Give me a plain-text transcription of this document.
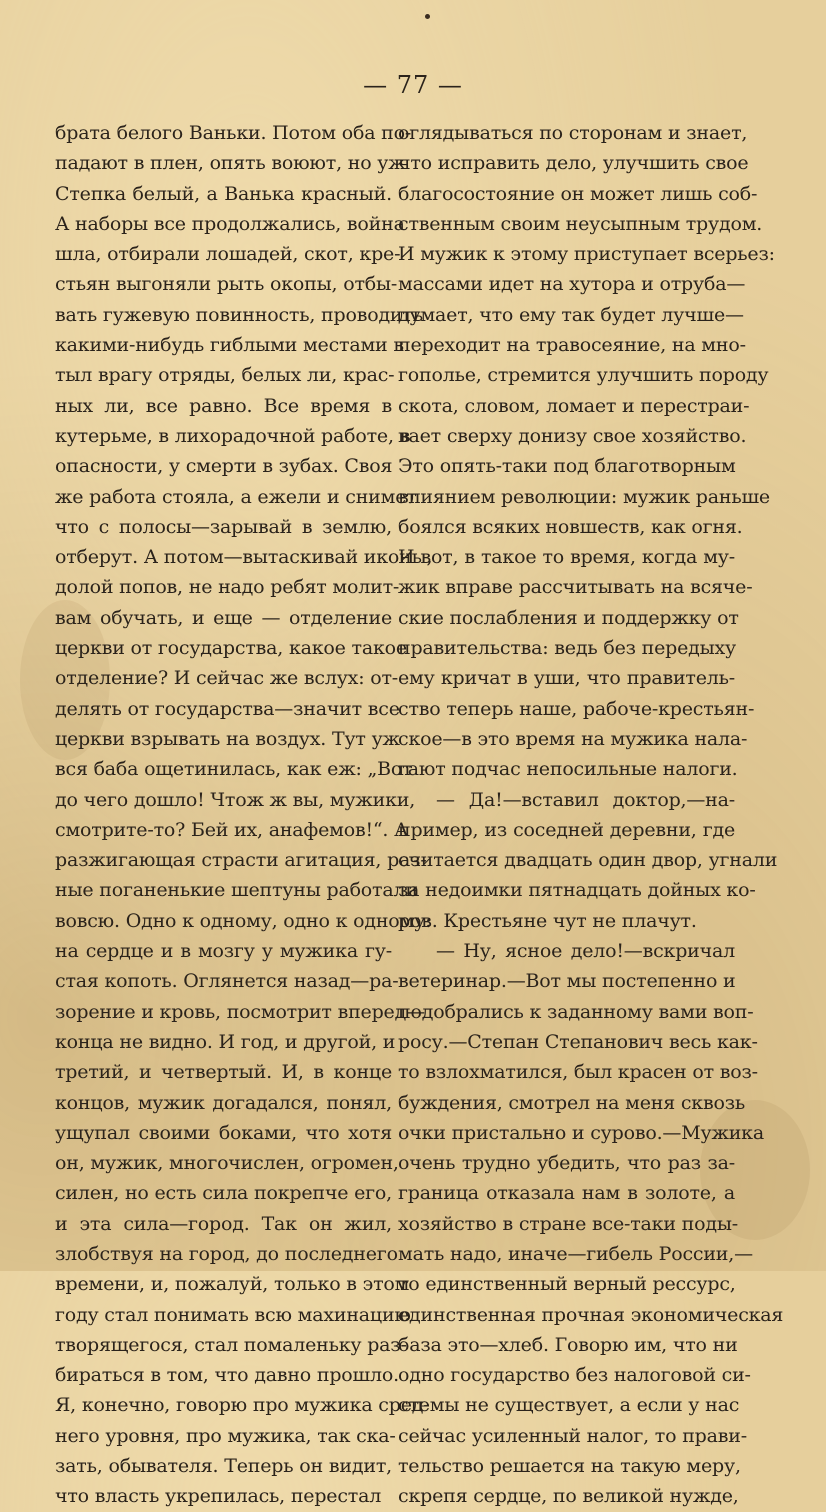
— 77 —
брата белого Ваньки. Потом оба по-
падают в плен, опять воюют, но уж
Степка белый, а Ванька красный.
А наборы все продолжались, война
шла, отбирали лошадей, скот, кре-
стьян выгоняли рыть окопы, отбы-
вать гужевую повинность, проводить
какими-нибудь гиблыми местами в
тыл врагу отряды, белых ли, крас-
ных ли, все равно. Все время в
кутерьме, в лихорадочной работе, в
опасности, у смерти в зубах. Своя
же работа стояла, а ежели и снимет
что с полосы—зарывай в землю,
отберут. А потом—вытаскивай иконы,
долой попов, не надо ребят молит-
вам обучать, и еще — отделение
церкви от государства, какое такое
отделение? И сейчас же вслух: от-
делять от государства—значит все
церкви взрывать на воздух. Тут уж
вся баба ощетинилась, как еж: „Вот
до чего дошло! Чтож ж вы, мужики,
смотрите-то? Бей их, анафемов!“. А
разжигающая страсти агитация, раз-
ные поганенькие шептуны работали
вовсю. Одно к одному, одно к одному:
на сердце и в мозгу у мужика гу-
стая копоть. Оглянется назад—ра-
зорение и кровь, посмотрит вперед—
конца не видно. И год, и другой, и
третий, и четвертый. И, в конце
концов, мужик догадался, понял,
ущупал своими боками, что хотя
он, мужик, многочислен, огромен,
силен, но есть сила покрепче его,
и эта сила—город. Так он жил,
злобствуя на город, до последнего
времени, и, пожалуй, только в этом
году стал понимать всю махинацию
творящегося, стал помаленьку раз-
бираться в том, что давно прошло.
Я, конечно, говорю про мужика сред-
него уровня, про мужика, так ска-
зать, обывателя. Теперь он видит,
что власть укрепилась, перестал
оглядываться по сторонам и знает,
что исправить дело, улучшить свое
благосостояние он может лишь соб-
ственным своим неусыпным трудом.
И мужик к этому приступает всерьез:
массами идет на хутора и отруба—
думает, что ему так будет лучше—
переходит на травосеяние, на мно-
гополье, стремится улучшить породу
скота, словом, ломает и перестраи-
вает сверху донизу свое хозяйство.
Это опять-таки под благотворным
влиянием революции: мужик раньше
боялся всяких новшеств, как огня.
И вот, в такое то время, когда му-
жик вправе рассчитывать на всяче-
ские послабления и поддержку от
правительства: ведь без передыху
ему кричат в уши, что правитель-
ство теперь наше, рабоче-крестьян-
ское—в это время на мужика нала-
гают подчас непосильные налоги.
— Да!—вставил доктор,—на-
пример, из соседней деревни, где
считается двадцать один двор, угнали
за недоимки пятнадцать дойных ко-
ров. Крестьяне чут не плачут.
— Ну, ясное дело!—вскричал
ветеринар.—Вот мы постепенно и
подобрались к заданному вами воп-
росу.—Степан Степанович весь как-
то взлохматился, был красен от воз-
буждения, смотрел на меня сквозь
очки пристально и сурово.—Мужика
очень трудно убедить, что раз за-
граница отказала нам в золоте, а
хозяйство в стране все-таки поды-
мать надо, иначе—гибель России,—
то единственный верный рессурс,
единственная прочная экономическая
база это—хлеб. Говорю им, что ни
одно государство без налоговой си-
стемы не существует, а если у нас
сейчас усиленный налог, то прави-
тельство решается на такую меру,
скрепя сердце, по великой нужде,
